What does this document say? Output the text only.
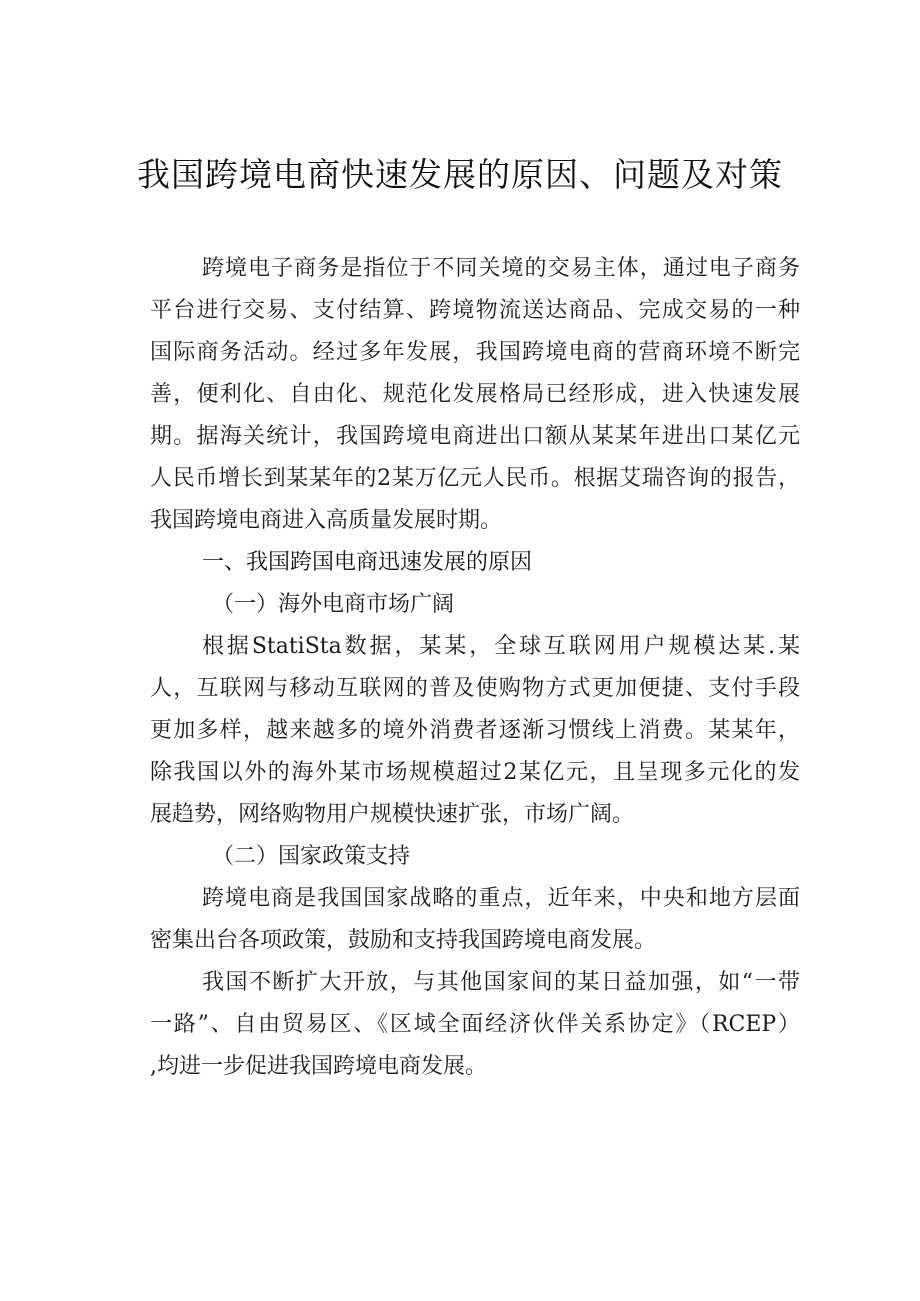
我国跨境电商快速发展的原因、问题及对策
跨境电子商务是指位于不同关境的交易主体，通过电子商务
平台进行交易、支付结算、跨境物流送达商品、完成交易的一种
国际商务活动。经过多年发展，我国跨境电商的营商环境不断完
善，便利化、自由化、规范化发展格局已经形成，进入快速发展
期。据海关统计，我国跨境电商进出口额从某某年进出口某亿元
人民币增长到某某年的2某万亿元人民币。根据艾瑞咨询的报告，
我国跨境电商进入高质量发展时期。
一、我国跨国电商迅速发展的原因
（一）海外电商市场广阔
根据StatiSta数据，某某，全球互联网用户规模达某.某
人，互联网与移动互联网的普及使购物方式更加便捷、支付手段
更加多样，越来越多的境外消费者逐渐习惯线上消费。某某年，
除我国以外的海外某市场规模超过2某亿元，且呈现多元化的发
展趋势，网络购物用户规模快速扩张，市场广阔。
（二）国家政策支持
跨境电商是我国国家战略的重点，近年来，中央和地方层面
密集出台各项政策，鼓励和支持我国跨境电商发展。
我国不断扩大开放，与其他国家间的某日益加强，如“一带
一路”、自由贸易区、《区域全面经济伙伴关系协定》（RCEP）
,均进一步促进我国跨境电商发展。
